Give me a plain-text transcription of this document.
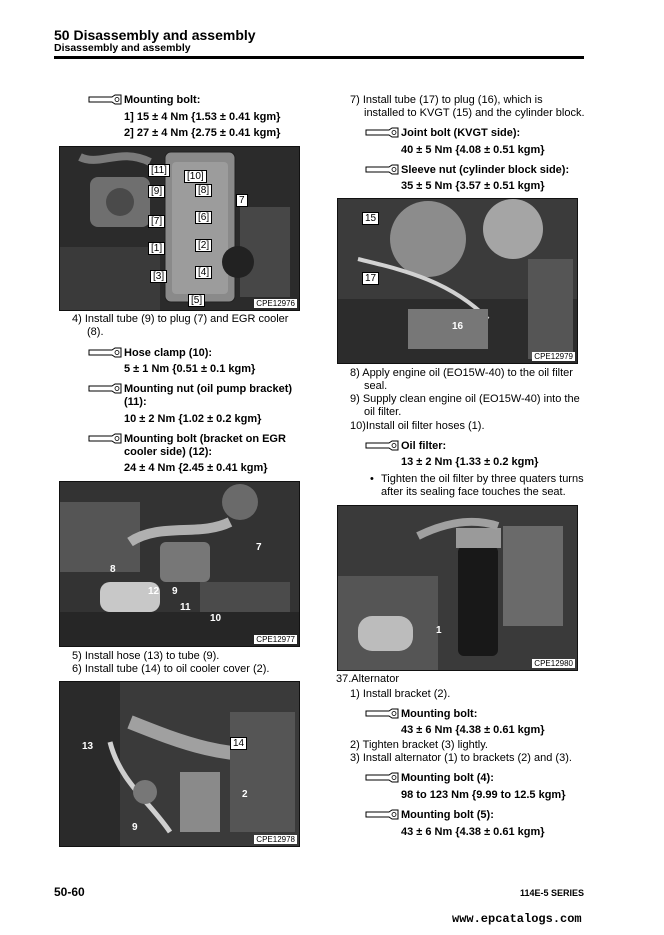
50 Disassembly and assembly
Disassembly and assembly
Mounting bolt:
1] 15 ± 4 Nm {1.53 ± 0.41 kgm}
2] 27 ± 4 Nm {2.75 ± 0.41 kgm}
[11]
[9]
[7]
[1]
[3]
[10]
[8]
[6]
[2]
[4]
[5]
7
CPE12976
4) Install tube (9) to plug (7) and EGR cooler
(8).
Hose clamp (10):
5 ± 1 Nm {0.51 ± 0.1 kgm}
Mounting nut (oil pump bracket)
(11):
10 ± 2 Nm {1.02 ± 0.2 kgm}
Mounting bolt (bracket on EGR
cooler side) (12):
24 ± 4 Nm {2.45 ± 0.41 kgm}
8
12 9
11
10
7
CPE12977
5) Install hose (13) to tube (9).
6) Install tube (14) to oil cooler cover (2).
13	14
2
9
CPE12978
7) Install tube (17) to plug (16), which is
installed to KVGT (15) and the cylinder block.
Joint bolt (KVGT side):
40 ± 5 Nm {4.08 ± 0.51 kgm}
Sleeve nut (cylinder block side):
35 ± 5 Nm {3.57 ± 0.51 kgm}
15
17
16
CPE12979
8) Apply engine oil (EO15W-40) to the oil filter
seal.
9) Supply clean engine oil (EO15W-40) into the
oil filter.
10)Install oil filter hoses (1).
Oil filter:
13 ± 2 Nm {1.33 ± 0.2 kgm}
• Tighten the oil filter by three quaters turns
after its sealing face touches the seat.
1
CPE12980
37.Alternator
1) Install bracket (2).
Mounting bolt:
43 ± 6 Nm {4.38 ± 0.61 kgm}
2) Tighten bracket (3) lightly.
3) Install alternator (1) to brackets (2) and (3).
Mounting bolt (4):
98 to 123 Nm {9.99 to 12.5 kgm}
Mounting bolt (5):
43 ± 6 Nm {4.38 ± 0.61 kgm}
50-60	114E-5 SERIES
www.epcatalogs.com
